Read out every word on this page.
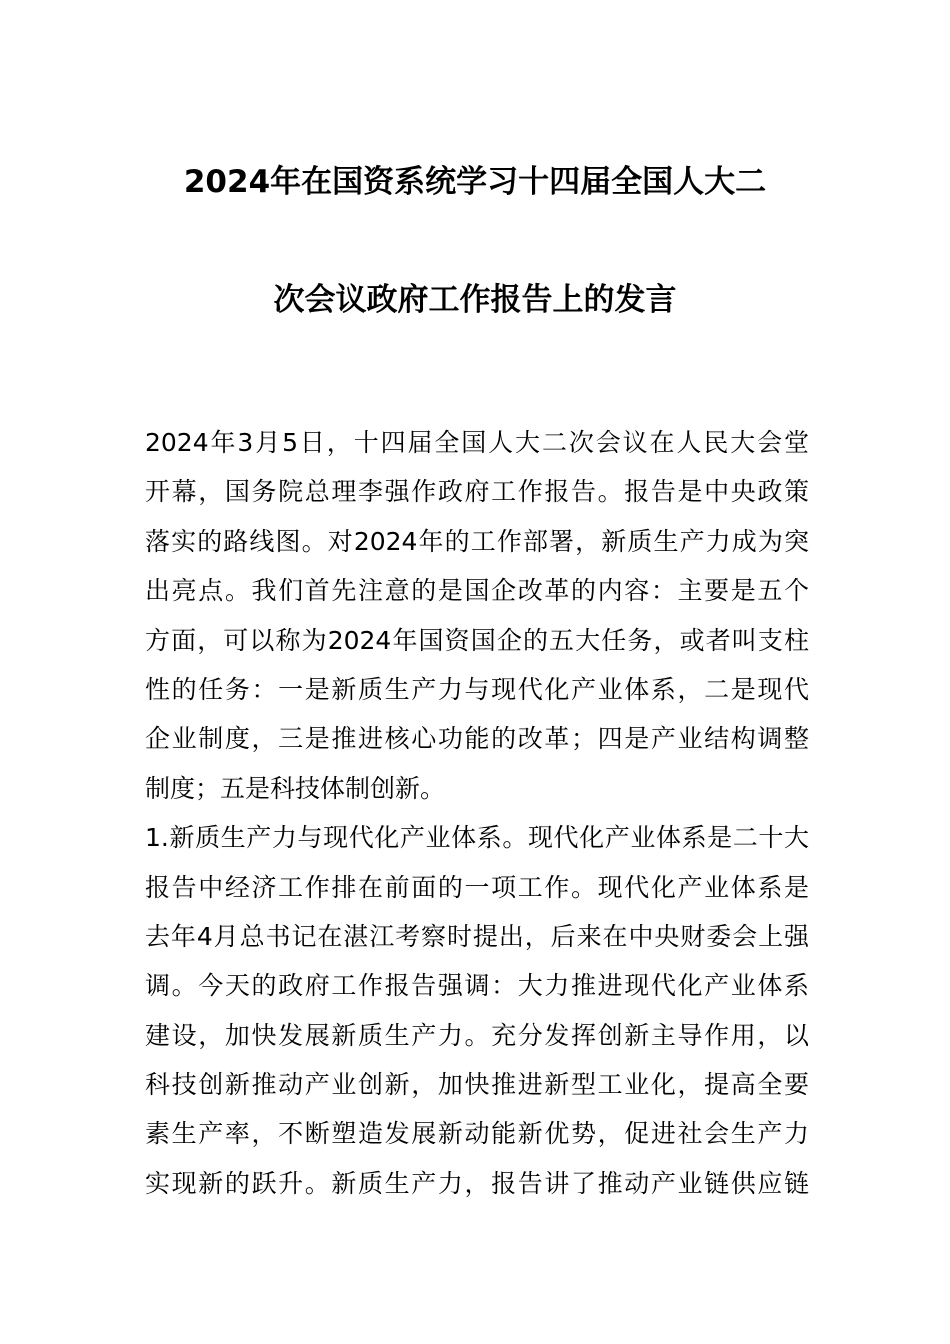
2024年在国资系统学习十四届全国人大二
次会议政府工作报告上的发言
2024年3月5日，十四届全国人大二次会议在人民大会堂
开幕，国务院总理李强作政府工作报告。报告是中央政策
落实的路线图。对2024年的工作部署，新质生产力成为突
出亮点。我们首先注意的是国企改革的内容：主要是五个
方面，可以称为2024年国资国企的五大任务，或者叫支柱
性的任务：一是新质生产力与现代化产业体系，二是现代
企业制度，三是推进核心功能的改革；四是产业结构调整
制度；五是科技体制创新。
1.新质生产力与现代化产业体系。现代化产业体系是二十大
报告中经济工作排在前面的一项工作。现代化产业体系是
去年4月总书记在湛江考察时提出，后来在中央财委会上强
调。今天的政府工作报告强调：大力推进现代化产业体系
建设，加快发展新质生产力。充分发挥创新主导作用，以
科技创新推动产业创新，加快推进新型工业化，提高全要
素生产率，不断塑造发展新动能新优势，促进社会生产力
实现新的跃升。新质生产力，报告讲了推动产业链供应链
